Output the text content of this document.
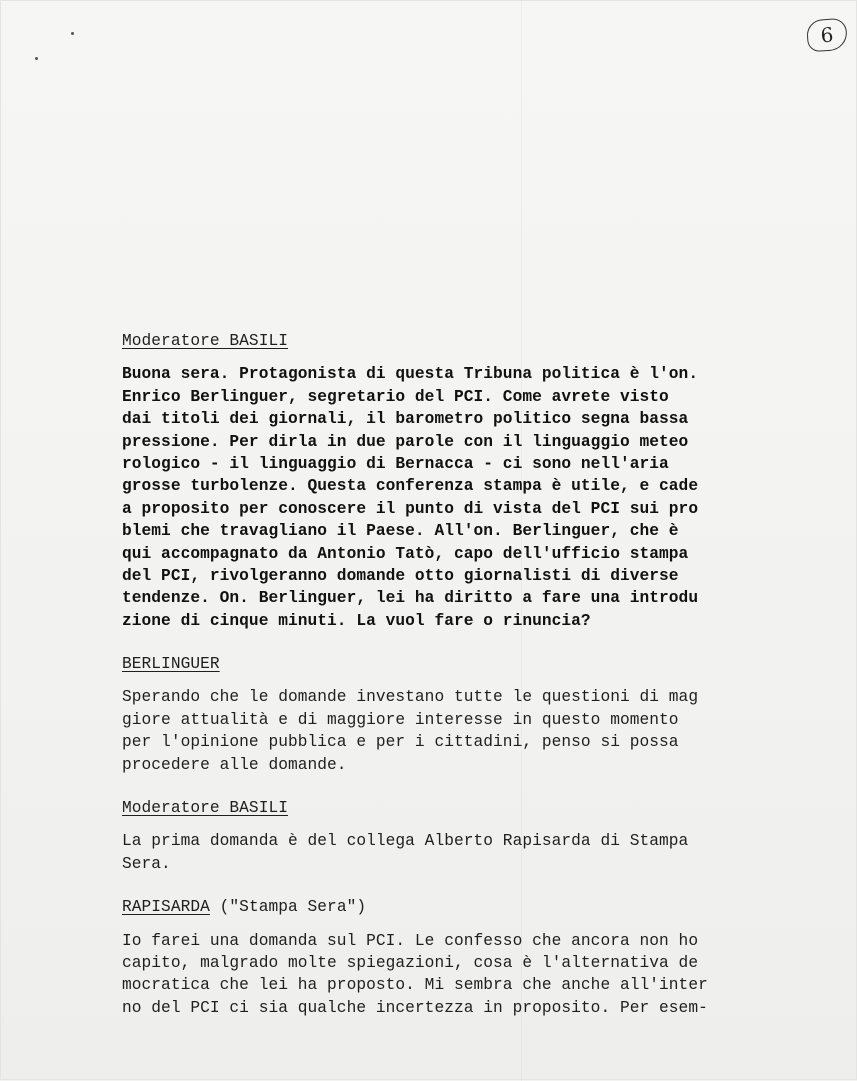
6
Moderatore BASILI
Buona sera. Protagonista di questa Tribuna politica è l'on.
Enrico Berlinguer, segretario del PCI. Come avrete visto
dai titoli dei giornali, il barometro politico segna bassa
pressione. Per dirla in due parole con il linguaggio meteo
rologico - il linguaggio di Bernacca - ci sono nell'aria
grosse turbolenze. Questa conferenza stampa è utile, e cade
a proposito per conoscere il punto di vista del PCI sui pro
blemi che travagliano il Paese. All'on. Berlinguer, che è
qui accompagnato da Antonio Tatò, capo dell'ufficio stampa
del PCI, rivolgeranno domande otto giornalisti di diverse
tendenze. On. Berlinguer, lei ha diritto a fare una introdu
zione di cinque minuti. La vuol fare o rinuncia?
BERLINGUER
Sperando che le domande investano tutte le questioni di mag
giore attualità e di maggiore interesse in questo momento
per l'opinione pubblica e per i cittadini, penso si possa
procedere alle domande.
Moderatore BASILI
La prima domanda è del collega Alberto Rapisarda di Stampa
Sera.
RAPISARDA ("Stampa Sera")
Io farei una domanda sul PCI. Le confesso che ancora non ho
capito, malgrado molte spiegazioni, cosa è l'alternativa de
mocratica che lei ha proposto. Mi sembra che anche all'inter
no del PCI ci sia qualche incertezza in proposito. Per esem-
